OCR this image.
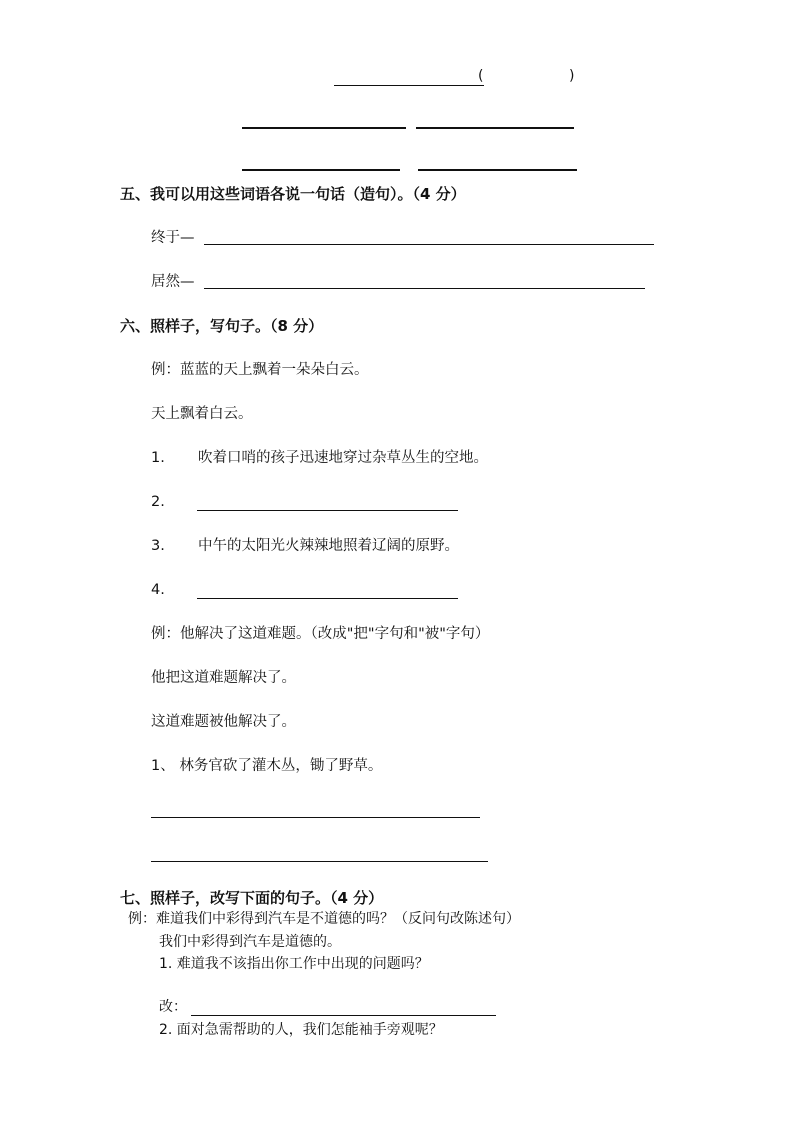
(	)
五、我可以用这些词语各说一句话（造句）。（4 分）
终于—
居然—
六、照样子，写句子。（8 分）
例：蓝蓝的天上飘着一朵朵白云。
天上飘着白云。
1. 吹着口哨的孩子迅速地穿过杂草丛生的空地。
2.
3. 中午的太阳光火辣辣地照着辽阔的原野。
4.
例：他解决了这道难题。（改成"把"字句和"被"字句）
他把这道难题解决了。
这道难题被他解决了。
1、 林务官砍了灌木丛，锄了野草。
七、照样子，改写下面的句子。（4 分）
例：难道我们中彩得到汽车是不道德的吗？（反问句改陈述句）
我们中彩得到汽车是道德的。
1. 难道我不该指出你工作中出现的问题吗？
改：
2. 面对急需帮助的人，我们怎能袖手旁观呢？
